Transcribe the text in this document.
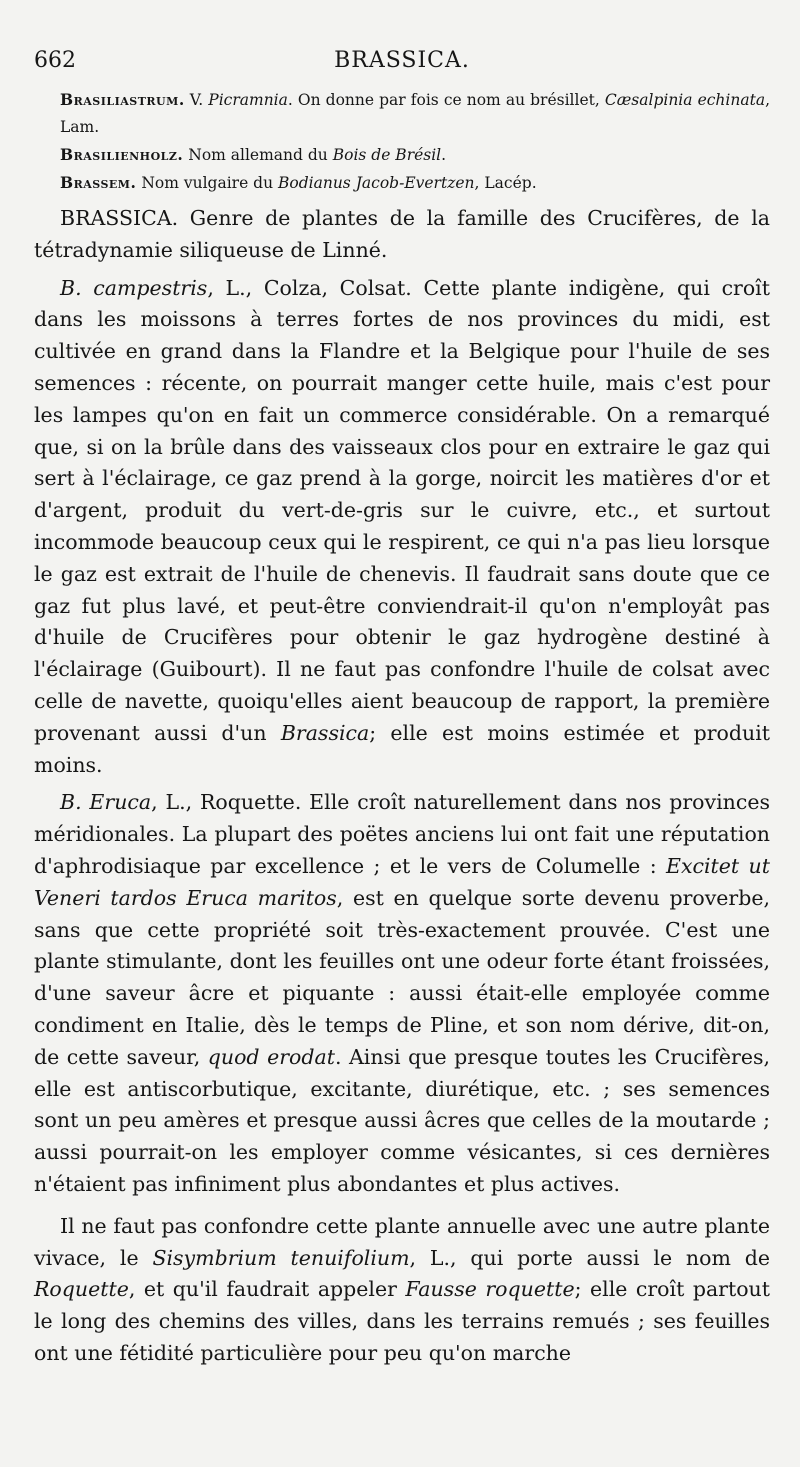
662	BRASSICA.

Brasiliastrum. V. Picramnia. On donne par fois ce nom au brésillet, Cæsalpinia echinata, Lam.

Brasilienholz. Nom allemand du Bois de Brésil.

Brassem. Nom vulgaire du Bodianus Jacob-Evertzen, Lacép.

BRASSICA. Genre de plantes de la famille des Crucifères, de la tétradynamie siliqueuse de Linné.

B. campestris, L., Colza, Colsat. Cette plante indigène, qui croît dans les moissons à terres fortes de nos provinces du midi, est cultivée en grand dans la Flandre et la Belgique pour l'huile de ses semences : récente, on pourrait manger cette huile, mais c'est pour les lampes qu'on en fait un commerce considérable. On a remarqué que, si on la brûle dans des vaisseaux clos pour en extraire le gaz qui sert à l'éclairage, ce gaz prend à la gorge, noircit les matières d'or et d'argent, produit du vert-de-gris sur le cuivre, etc., et surtout incommode beaucoup ceux qui le respirent, ce qui n'a pas lieu lorsque le gaz est extrait de l'huile de chenevis. Il faudrait sans doute que ce gaz fut plus lavé, et peut-être conviendrait-il qu'on n'employât pas d'huile de Crucifères pour obtenir le gaz hydrogène destiné à l'éclairage (Guibourt). Il ne faut pas confondre l'huile de colsat avec celle de navette, quoiqu'elles aient beaucoup de rapport, la première provenant aussi d'un Brassica; elle est moins estimée et produit moins.

B. Eruca, L., Roquette. Elle croît naturellement dans nos provinces méridionales. La plupart des poëtes anciens lui ont fait une réputation d'aphrodisiaque par excellence ; et le vers de Columelle : Excitet ut Veneri tardos Eruca maritos, est en quelque sorte devenu proverbe, sans que cette propriété soit très-exactement prouvée. C'est une plante stimulante, dont les feuilles ont une odeur forte étant froissées, d'une saveur âcre et piquante : aussi était-elle employée comme condiment en Italie, dès le temps de Pline, et son nom dérive, dit-on, de cette saveur, quod erodat. Ainsi que presque toutes les Crucifères, elle est antiscorbutique, excitante, diurétique, etc. ; ses semences sont un peu amères et presque aussi âcres que celles de la moutarde ; aussi pourrait-on les employer comme vésicantes, si ces dernières n'étaient pas infiniment plus abondantes et plus actives.

Il ne faut pas confondre cette plante annuelle avec une autre plante vivace, le Sisymbrium tenuifolium, L., qui porte aussi le nom de Roquette, et qu'il faudrait appeler Fausse roquette; elle croît partout le long des chemins des villes, dans les terrains remués ; ses feuilles ont une fétidité particulière pour peu qu'on marche
